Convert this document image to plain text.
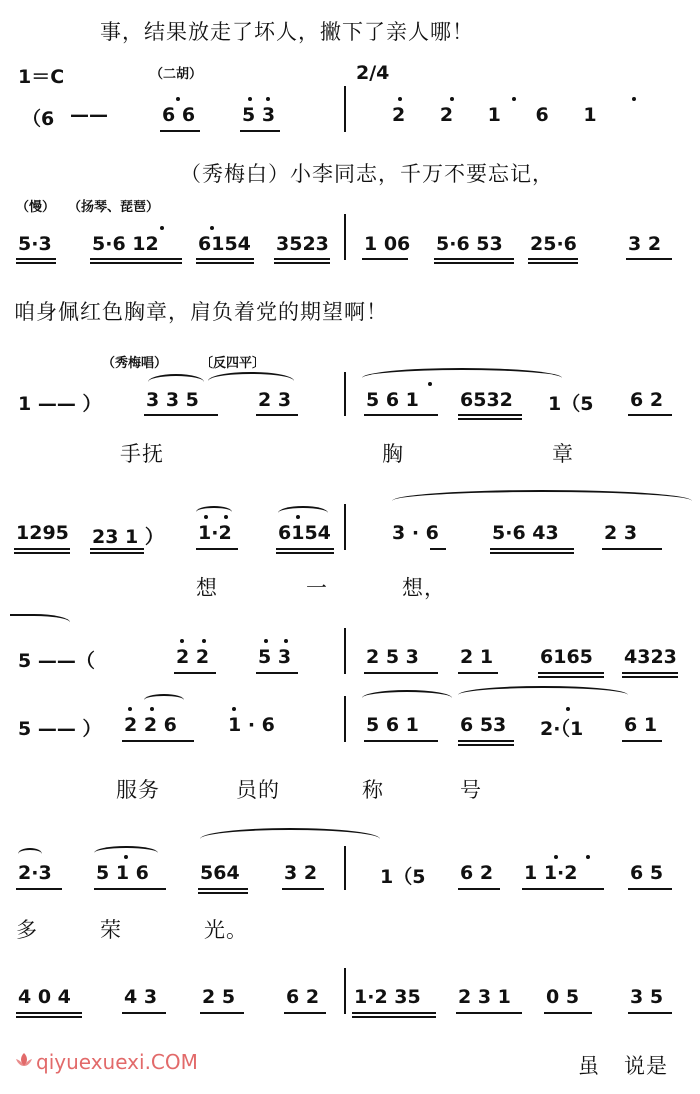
事，结果放走了坏人，撇下了亲人哪！
1＝C	（二胡）	2/4
（6 ——	6 6 5 3	2 2 1 6 1
（秀梅白）小李同志，千万不要忘记，
（慢） （扬琴、琵琶）
5·3 5·6 12 6154 3523 1 06 5·6 53 25·6	3 2
咱身佩红色胸章，肩负着党的期望啊！
（秀梅唱）	〔反四平〕
1 —— ） 3 3 5	2 3	5 6 1 6532 1（5 6 2
手抚	胸	章
1295 23 1 ） 1·2 6154	3 · 6	5·6 43 2 3
想	一	想，
5 ——（	2 2	5 3	2 5 3 2 1 6165 4323
5 —— ） 2 2 6	1 · 6	5 6 1 6 53 2·（1 6 1
服务	员的	称	号
2·3 5 1 6	564 3 2	1（5 6 2 1 1·2	6 5
多	荣	光。
4 0 4	4 3 2 5	6 2 1·2 35 2 3 1 0 5	3 5
qiyuexuexi.COM	虽 说是
